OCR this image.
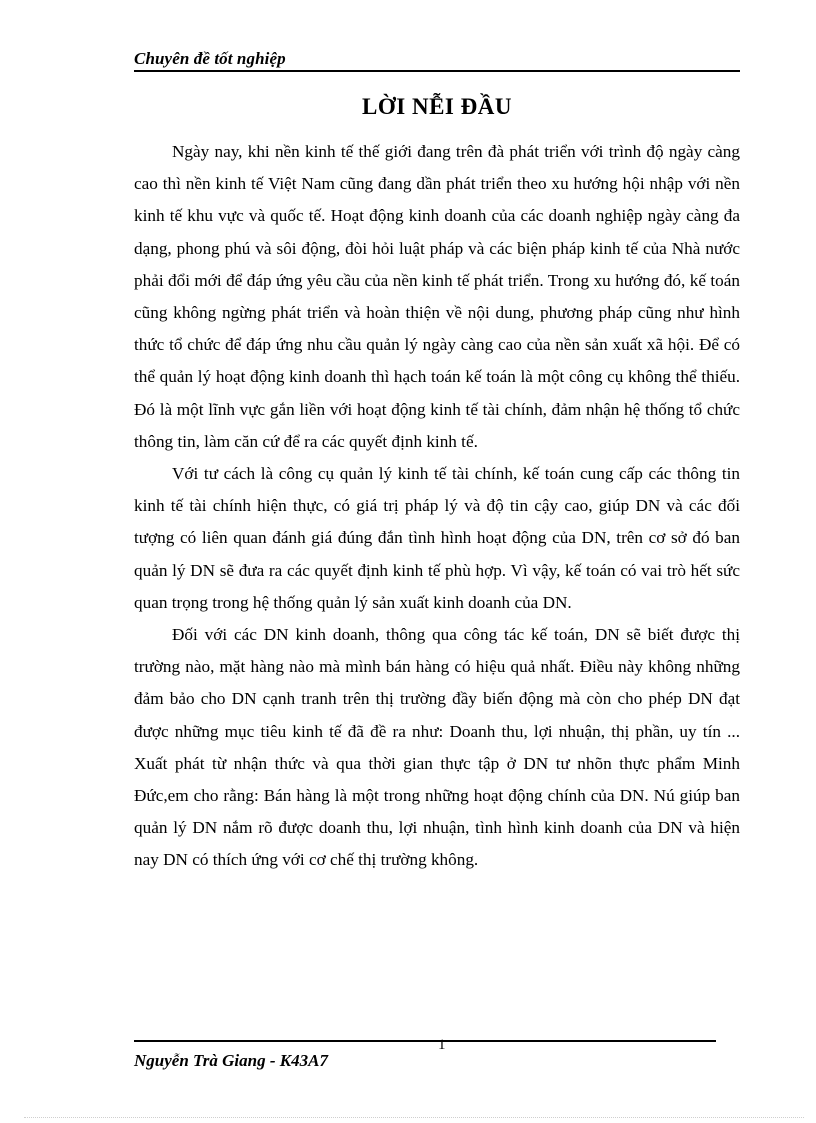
Chuyên đề tốt nghiệp
LỜI NỄI ĐẦU

Ngày nay, khi nền kinh tế thế giới đang trên đà phát triển với trình độ ngày càng cao thì nền kinh tế Việt Nam cũng đang dần phát triển theo xu hướng hội nhập với nền kinh tế khu vực và quốc tế. Hoạt động kinh doanh của các doanh nghiệp ngày càng đa dạng, phong phú và sôi động, đòi hỏi luật pháp và các biện pháp kinh tế của Nhà nước phải đổi mới để đáp ứng yêu cầu của nền kinh tế phát triển. Trong xu hướng đó, kế toán cũng không ngừng phát triển và hoàn thiện về nội dung, phương pháp cũng như hình thức tổ chức để đáp ứng nhu cầu quản lý ngày càng cao của nền sản xuất xã hội. Để có thể quản lý hoạt động kinh doanh thì hạch toán kế toán là một công cụ không thể thiếu. Đó là một lĩnh vực gắn liền với hoạt động kinh tế tài chính, đảm nhận hệ thống tổ chức thông tin, làm căn cứ để ra các quyết định kinh tế.

Với tư cách là công cụ quản lý kinh tế tài chính, kế toán cung cấp các thông tin kinh tế tài chính hiện thực, có giá trị pháp lý và độ tin cậy cao, giúp DN và các đối tượng có liên quan đánh giá đúng đắn tình hình hoạt động của DN, trên cơ sở đó ban quản lý DN sẽ đưa ra các quyết định kinh tế phù hợp. Vì vậy, kế toán có vai trò hết sức quan trọng trong hệ thống quản lý sản xuất kinh doanh của DN.

Đối với các DN kinh doanh, thông qua công tác kế toán, DN sẽ biết được thị trường nào, mặt hàng nào mà mình bán hàng có hiệu quả nhất. Điều này không những đảm bảo cho DN cạnh tranh trên thị trường đầy biến động mà còn cho phép DN đạt được những mục tiêu kinh tế đã đề ra như: Doanh thu, lợi nhuận, thị phần, uy tín ... Xuất phát từ nhận thức và qua thời gian thực tập ở DN tư nhõn thực phẩm Minh Đức,em cho rằng: Bán hàng là một trong những hoạt động chính của DN. Nú giúp ban quản lý DN nắm rõ được doanh thu, lợi nhuận, tình hình kinh doanh của DN và hiện nay DN có thích ứng với cơ chế thị trường không.

1
Nguyễn Trà Giang - K43A7
